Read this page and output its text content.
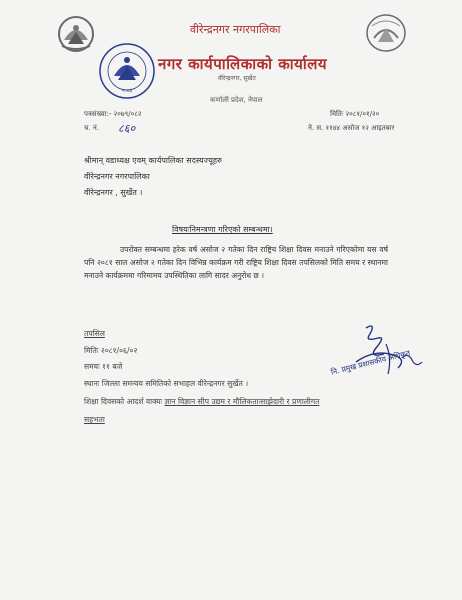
२०७३
वीरेन्द्रनगर नगरपालिका
नगर कार्यपालिकाको कार्यालय
वीरेन्द्रनगर, सुर्खेत
कर्णाली प्रदेश, नेपाल
पत्रसंख्या:- २०७९/०८२
च. नं. ८६०
मितिः २०८१/०१/२०
ने. स. ११४४ असोज १२ आइतबार
श्रीमान् वडाध्यक्ष एवम् कार्यपालिका सदस्यज्यूहरु
वीरेन्द्रनगर नगरपालिका
वीरेन्द्रनगर , सुर्खेत ।
विषयःनिमन्त्रणा गरिएको सम्बन्धमा।
उपरोक्त सम्बन्धमा हरेक वर्ष असोज २ गतेका दिन राष्ट्रिय शिक्षा दिवस मनाउने गरिएकोमा यस वर्ष पनि २०८१ साल असोज २ गतेका दिन विभिन्न कार्यक्रम गरी राष्ट्रिय शिक्षा दिवस तपसिलको मिति समय र स्थानमा मनाउने कार्यक्रममा गरिमामय उपस्थितिका लागि सादर अनुरोध छ ।
तपसिल
मितिः २०८१/०६/०२
समयः ११ बजे
स्थानः जिल्ला समन्वय समितिको सभाहल वीरेन्द्रनगर सुर्खेत ।
शिक्षा दिवसको आदर्श वाक्यः ज्ञान विज्ञान सीप उद्यम र मौलिकताःसाझेदारी र प्रणालीगत
सहभता
नि. प्रमुख प्रशासकीय अधिकृत
